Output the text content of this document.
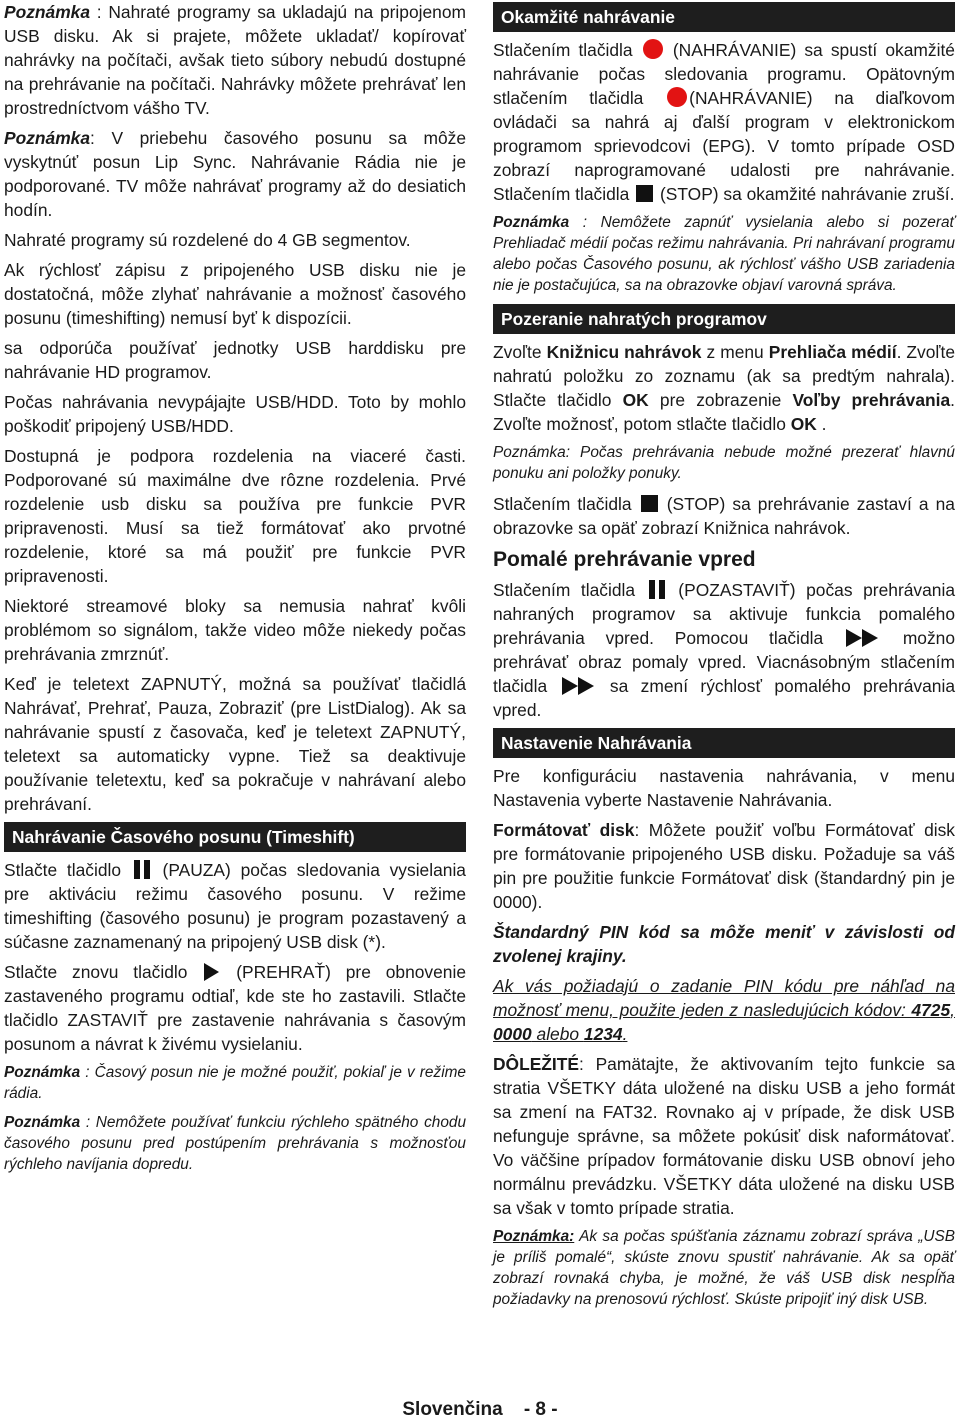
Poznámka : Nahraté programy sa ukladajú na pripojenom USB disku. Ak si prajete, môžete ukladať/ kopírovať nahrávky na počítači, avšak tieto súbory nebudú dostupné na prehrávanie na počítači. Nahrávky môžete prehrávať len prostredníctvom vášho TV.

Poznámka: V priebehu časového posunu sa môže vyskytnúť posun Lip Sync. Nahrávanie Rádia nie je podporované. TV môže nahrávať programy až do desiatich hodín.

Nahraté programy sú rozdelené do 4 GB segmentov.

Ak rýchlosť zápisu z pripojeného USB disku nie je dostatočná, môže zlyhať nahrávanie a možnosť časového posunu (timeshifting) nemusí byť k dispozícii.

sa odporúča používať jednotky USB harddisku pre nahrávanie HD programov.

Počas nahrávania nevypájajte USB/HDD. Toto by mohlo poškodiť pripojený USB/HDD.

Dostupná je podpora rozdelenia na viaceré časti. Podporované sú maximálne dve rôzne rozdelenia. Prvé rozdelenie usb disku sa používa pre funkcie PVR pripravenosti. Musí sa tiež formátovať ako prvotné rozdelenie, ktoré sa má použiť pre funkcie PVR pripravenosti.

Niektoré streamové bloky sa nemusia nahrať kvôli problémom so signálom, takže video môže niekedy počas prehrávania zmrznúť.

Keď je teletext ZAPNUTÝ, možná sa používať tlačidlá Nahrávať, Prehrať, Pauza, Zobraziť (pre ListDialog). Ak sa nahrávanie spustí z časovača, keď je teletext ZAPNUTÝ, teletext sa automaticky vypne. Tiež sa deaktivuje používanie teletextu, keď sa pokračuje v nahrávaní alebo prehrávaní.

Nahrávanie Časového posunu (Timeshift)

Stlačte tlačidlo (PAUZA) počas sledovania vysielania pre aktiváciu režimu časového posunu. V režime timeshifting (časového posunu) je program pozastavený a súčasne zaznamenaný na pripojený USB disk (*).

Stlačte znovu tlačidlo	(PREHRAŤ) pre obnovenie zastaveného programu odtiaľ, kde ste ho zastavili. Stlačte tlačidlo ZASTAVIŤ pre zastavenie nahrávania s časovým posunom a návrat k živému vysielaniu.

Poznámka : Časový posun nie je možné použiť, pokiaľ je v režime rádia.

Poznámka : Nemôžete používať funkciu rýchleho spätného chodu časového posunu pred postúpením prehrávania s možnosťou rýchleho navíjania dopredu.

Okamžité nahrávanie

Stlačením tlačidla (NAHRÁVANIE) sa spustí okamžité nahrávanie počas sledovania programu. Opätovným stlačením tlačidla	(NAHRÁVANIE) na diaľkovom ovládači sa nahrá aj ďalší program v elektronickom programom sprievodcovi (EPG). V tomto prípade OSD zobrazí naprogramované udalosti pre nahrávanie. Stlačením tlačidla (STOP) sa okamžité nahrávanie zruší.

Poznámka : Nemôžete zapnúť vysielania alebo si pozerať Prehliadač médií počas režimu nahrávania. Pri nahrávaní programu alebo počas Časového posunu, ak rýchlosť vášho USB zariadenia nie je postačujúca, sa na obrazovke objaví varovná správa.

Pozeranie nahratých programov

Zvoľte Knižnicu nahrávok z menu Prehliača médií. Zvoľte nahratú položku zo zoznamu (ak sa predtým nahrala). Stlačte tlačidlo OK pre zobrazenie Voľby prehrávania. Zvoľte možnosť, potom stlačte tlačidlo OK .

Poznámka: Počas prehrávania nebude možné prezerať hlavnú ponuku ani položky ponuky.

Stlačením tlačidla (STOP) sa prehrávanie zastaví a na obrazovke sa opäť zobrazí Knižnica nahrávok.

Pomalé prehrávanie vpred

Stlačením tlačidla (POZASTAVIŤ) počas prehrávania nahraných programov sa aktivuje funkcia pomalého prehrávania vpred. Pomocou tlačidla	možno prehrávať obraz pomaly vpred. Viacnásobným stlačením tlačidla	sa zmení rýchlosť pomalého prehrávania vpred.

Nastavenie Nahrávania

Pre konfiguráciu nastavenia nahrávania, v menu Nastavenia vyberte Nastavenie Nahrávania.

Formátovať disk: Môžete použiť voľbu Formátovať disk pre formátovanie pripojeného USB disku. Požaduje sa váš pin pre použitie funkcie Formátovať disk (štandardný pin je 0000).

Štandardný PIN kód sa môže meniť v závislosti od zvolenej krajiny.

Ak vás požiadajú o zadanie PIN kódu pre náhľad na možnosť menu, použite jeden z nasledujúcich kódov: 4725, 0000 alebo 1234.

DÔLEŽITÉ: Pamätajte, že aktivovaním tejto funkcie sa stratia VŠETKY dáta uložené na disku USB a jeho formát sa zmení na FAT32. Rovnako aj v prípade, že disk USB nefunguje správne, sa môžete pokúsiť disk naformátovať. Vo väčšine prípadov formátovanie disku USB obnoví jeho normálnu prevádzku. VŠETKY dáta uložené na disku USB sa však v tomto prípade stratia.

Poznámka: Ak sa počas spúšťania záznamu zobrazí správa „USB je príliš pomalé“, skúste znovu spustiť nahrávanie. Ak sa opäť zobrazí rovnaká chyba, je možné, že váš USB disk nespĺňa požiadavky na prenosovú rýchlosť. Skúste pripojiť iný disk USB.

Slovenčina - 8 -
